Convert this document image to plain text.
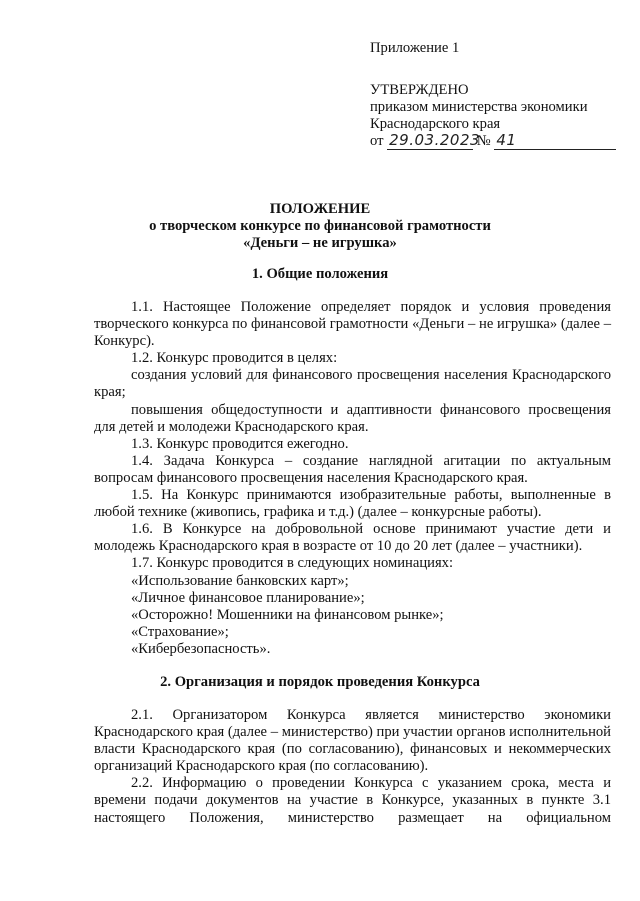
Приложение 1
УТВЕРЖДЕНО
приказом министерства экономики
Краснодарского края
от 29.03.2023 № 41
ПОЛОЖЕНИЕ
о творческом конкурсе по финансовой грамотности
«Деньги – не игрушка»
1. Общие положения

1.1. Настоящее Положение определяет порядок и условия проведения творческого конкурса по финансовой грамотности «Деньги – не игрушка» (далее – Конкурс).

1.2. Конкурс проводится в целях:

создания условий для финансового просвещения населения Краснодарского края;

повышения общедоступности и адаптивности финансового просвещения для детей и молодежи Краснодарского края.

1.3. Конкурс проводится ежегодно.

1.4. Задача Конкурса – создание наглядной агитации по актуальным вопросам финансового просвещения населения Краснодарского края.

1.5. На Конкурс принимаются изобразительные работы, выполненные в любой технике (живопись, графика и т.д.) (далее – конкурсные работы).

1.6. В Конкурсе на добровольной основе принимают участие дети и молодежь Краснодарского края в возрасте от 10 до 20 лет (далее – участники).

1.7. Конкурс проводится в следующих номинациях:

«Использование банковских карт»;

«Личное финансовое планирование»;

«Осторожно! Мошенники на финансовом рынке»;

«Страхование»;

«Кибербезопасность».

2. Организация и порядок проведения Конкурса

2.1. Организатором Конкурса является министерство экономики Краснодарского края (далее – министерство) при участии органов исполнительной власти Краснодарского края (по согласованию), финансовых и некоммерческих организаций Краснодарского края (по согласованию).

2.2. Информацию о проведении Конкурса с указанием срока, места и времени подачи документов на участие в Конкурсе, указанных в пункте 3.1 настоящего Положения, министерство размещает на официальном
